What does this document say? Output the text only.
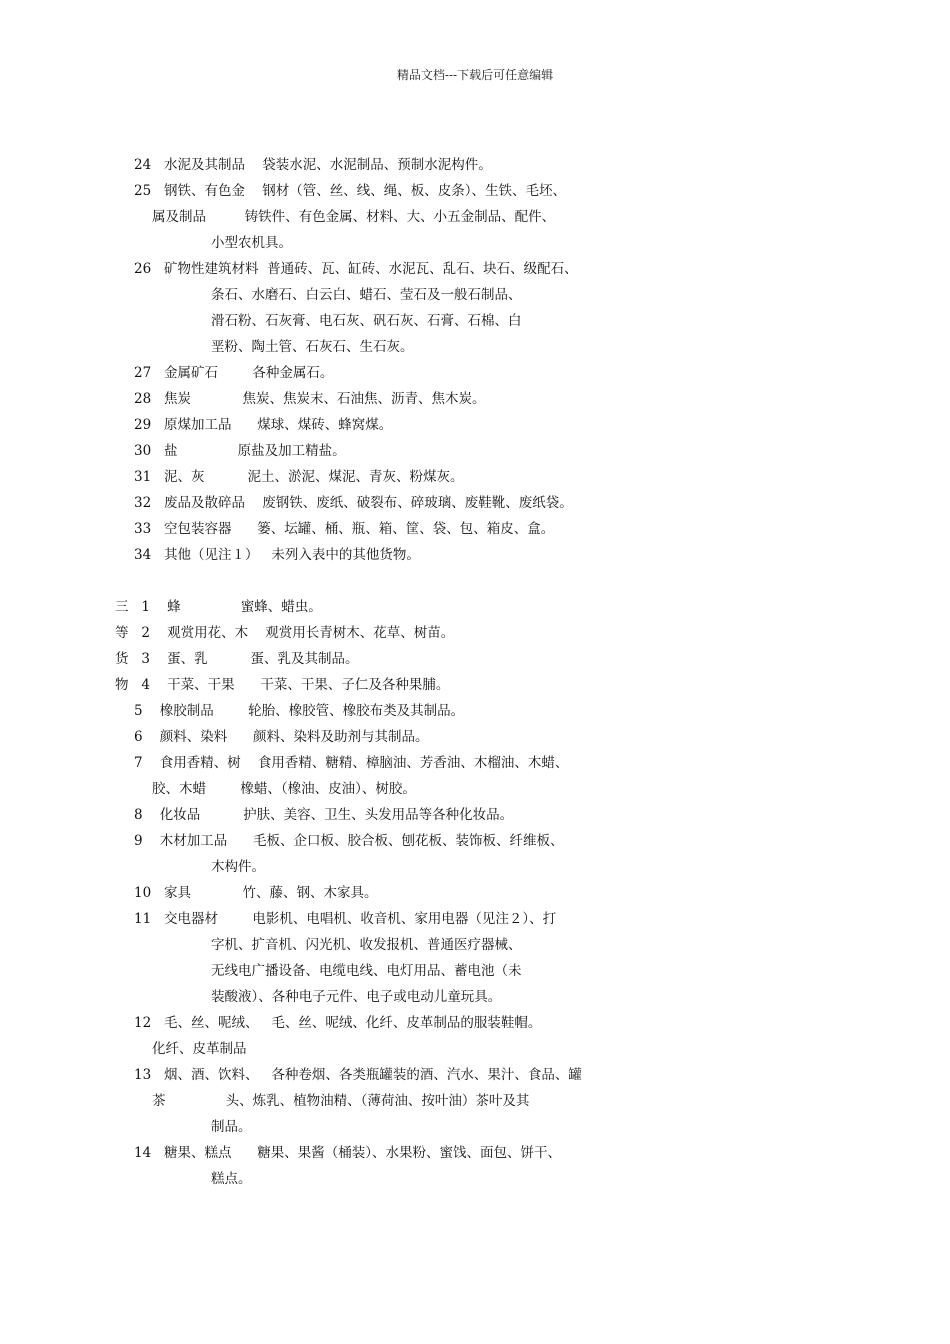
精品文档---下载后可任意编辑
24   水泥及其制品    袋装水泥、水泥制品、预制水泥构件。
25   钢铁、有色金    钢材（管、丝、线、绳、板、皮条）、生铁、毛坯、
属及制品         铸铁件、有色金属、材料、大、小五金制品、配件、
小型农机具。
26   矿物性建筑材料  普通砖、瓦、缸砖、水泥瓦、乱石、块石、级配石、
条石、水磨石、白云白、蜡石、莹石及一般石制品、
滑石粉、石灰膏、电石灰、矾石灰、石膏、石棉、白
垩粉、陶土管、石灰石、生石灰。
27   金属矿石        各种金属石。
28   焦炭            焦炭、焦炭末、石油焦、沥青、焦木炭。
29   原煤加工品      煤球、煤砖、蜂窝煤。
30   盐              原盐及加工精盐。
31   泥、灰          泥土、淤泥、煤泥、青灰、粉煤灰。
32   废品及散碎品    废钢铁、废纸、破裂布、碎玻璃、废鞋靴、废纸袋。
33   空包装容器      篓、坛罐、桶、瓶、箱、筐、袋、包、箱皮、盒。
34   其他（见注１）   未列入表中的其他货物。
三   1    蜂              蜜蜂、蜡虫。
等   2    观赏用花、木    观赏用长青树木、花草、树苗。
货   3    蛋、乳          蛋、乳及其制品。
物   4    干菜、干果      干菜、干果、子仁及各种果脯。
5    橡胶制品        轮胎、橡胶管、橡胶布类及其制品。
6    颜料、染料      颜料、染料及助剂与其制品。
7    食用香精、树    食用香精、糖精、樟脑油、芳香油、木榴油、木蜡、
胶、木蜡        橡蜡、（橡油、皮油）、树胶。
8    化妆品          护肤、美容、卫生、头发用品等各种化妆品。
9    木材加工品      毛板、企口板、胶合板、刨花板、装饰板、纤维板、
木构件。
10   家具            竹、藤、钢、木家具。
11   交电器材        电影机、电唱机、收音机、家用电器（见注２）、打
字机、扩音机、闪光机、收发报机、普通医疗器械、
无线电广播设备、电缆电线、电灯用品、蓄电池（未
装酸液）、各种电子元件、电子或电动儿童玩具。
12   毛、丝、呢绒、   毛、丝、呢绒、化纤、皮革制品的服装鞋帽。
化纤、皮革制品
13   烟、酒、饮料、   各种卷烟、各类瓶罐装的酒、汽水、果汁、食品、罐
茶              头、炼乳、植物油精、（薄荷油、按叶油）茶叶及其
制品。
14   糖果、糕点      糖果、果酱（桶装）、水果粉、蜜饯、面包、饼干、
糕点。
